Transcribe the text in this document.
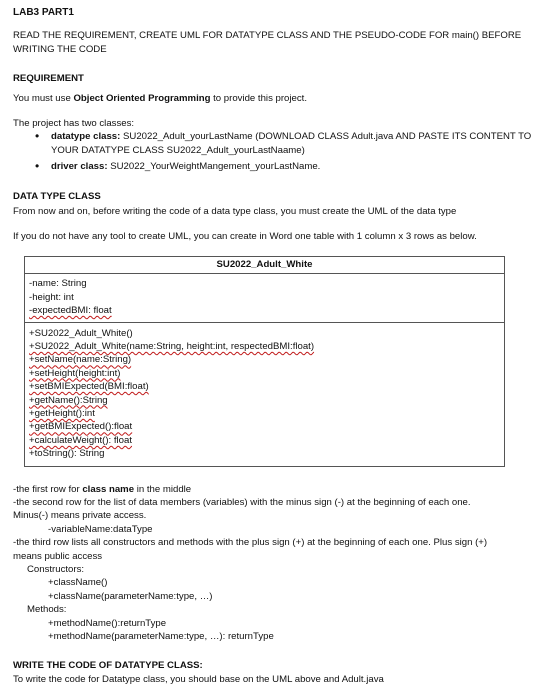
LAB3 PART1
READ THE REQUIREMENT, CREATE UML FOR DATATYPE CLASS AND THE PSEUDO-CODE FOR main() BEFORE
WRITING THE CODE
REQUIREMENT
You must use Object Oriented Programming to provide this project.
The project has two classes:
• datatype class: SU2022_Adult_yourLastName (DOWNLOAD CLASS Adult.java AND PASTE ITS CONTENT TO
YOUR DATATYPE CLASS SU2022_Adult_yourLastNaame)
• driver class: SU2022_YourWeightMangement_yourLastName.
DATA TYPE CLASS
From now and on, before writing the code of a data type class, you must create the UML of the data type
If you do not have any tool to create UML, you can create in Word one table with 1 column x 3 rows as below.
SU2022_Adult_White
-name: String
-height: int
-expectedBMI: float
+SU2022_Adult_White()
+SU2022_Adult_White(name:String, height:int, respectedBMI:float)
+setName(name:String)
+setHeight(height:int)
+setBMIExpected(BMI:float)
+getName():String
+getHeight():int
+getBMIExpected():float
+calculateWeight(): float
+toString(): String
-the first row for class name in the middle
-the second row for the list of data members (variables) with the minus sign (-) at the beginning of each one.
Minus(-) means private access.
-variableName:dataType
-the third row lists all constructors and methods with the plus sign (+) at the beginning of each one. Plus sign (+)
means public access
Constructors:
+className()
+className(parameterName:type, …)
Methods:
+methodName():returnType
+methodName(parameterName:type, …): returnType
WRITE THE CODE OF DATATYPE CLASS:
To write the code for Datatype class, you should base on the UML above and Adult.java
